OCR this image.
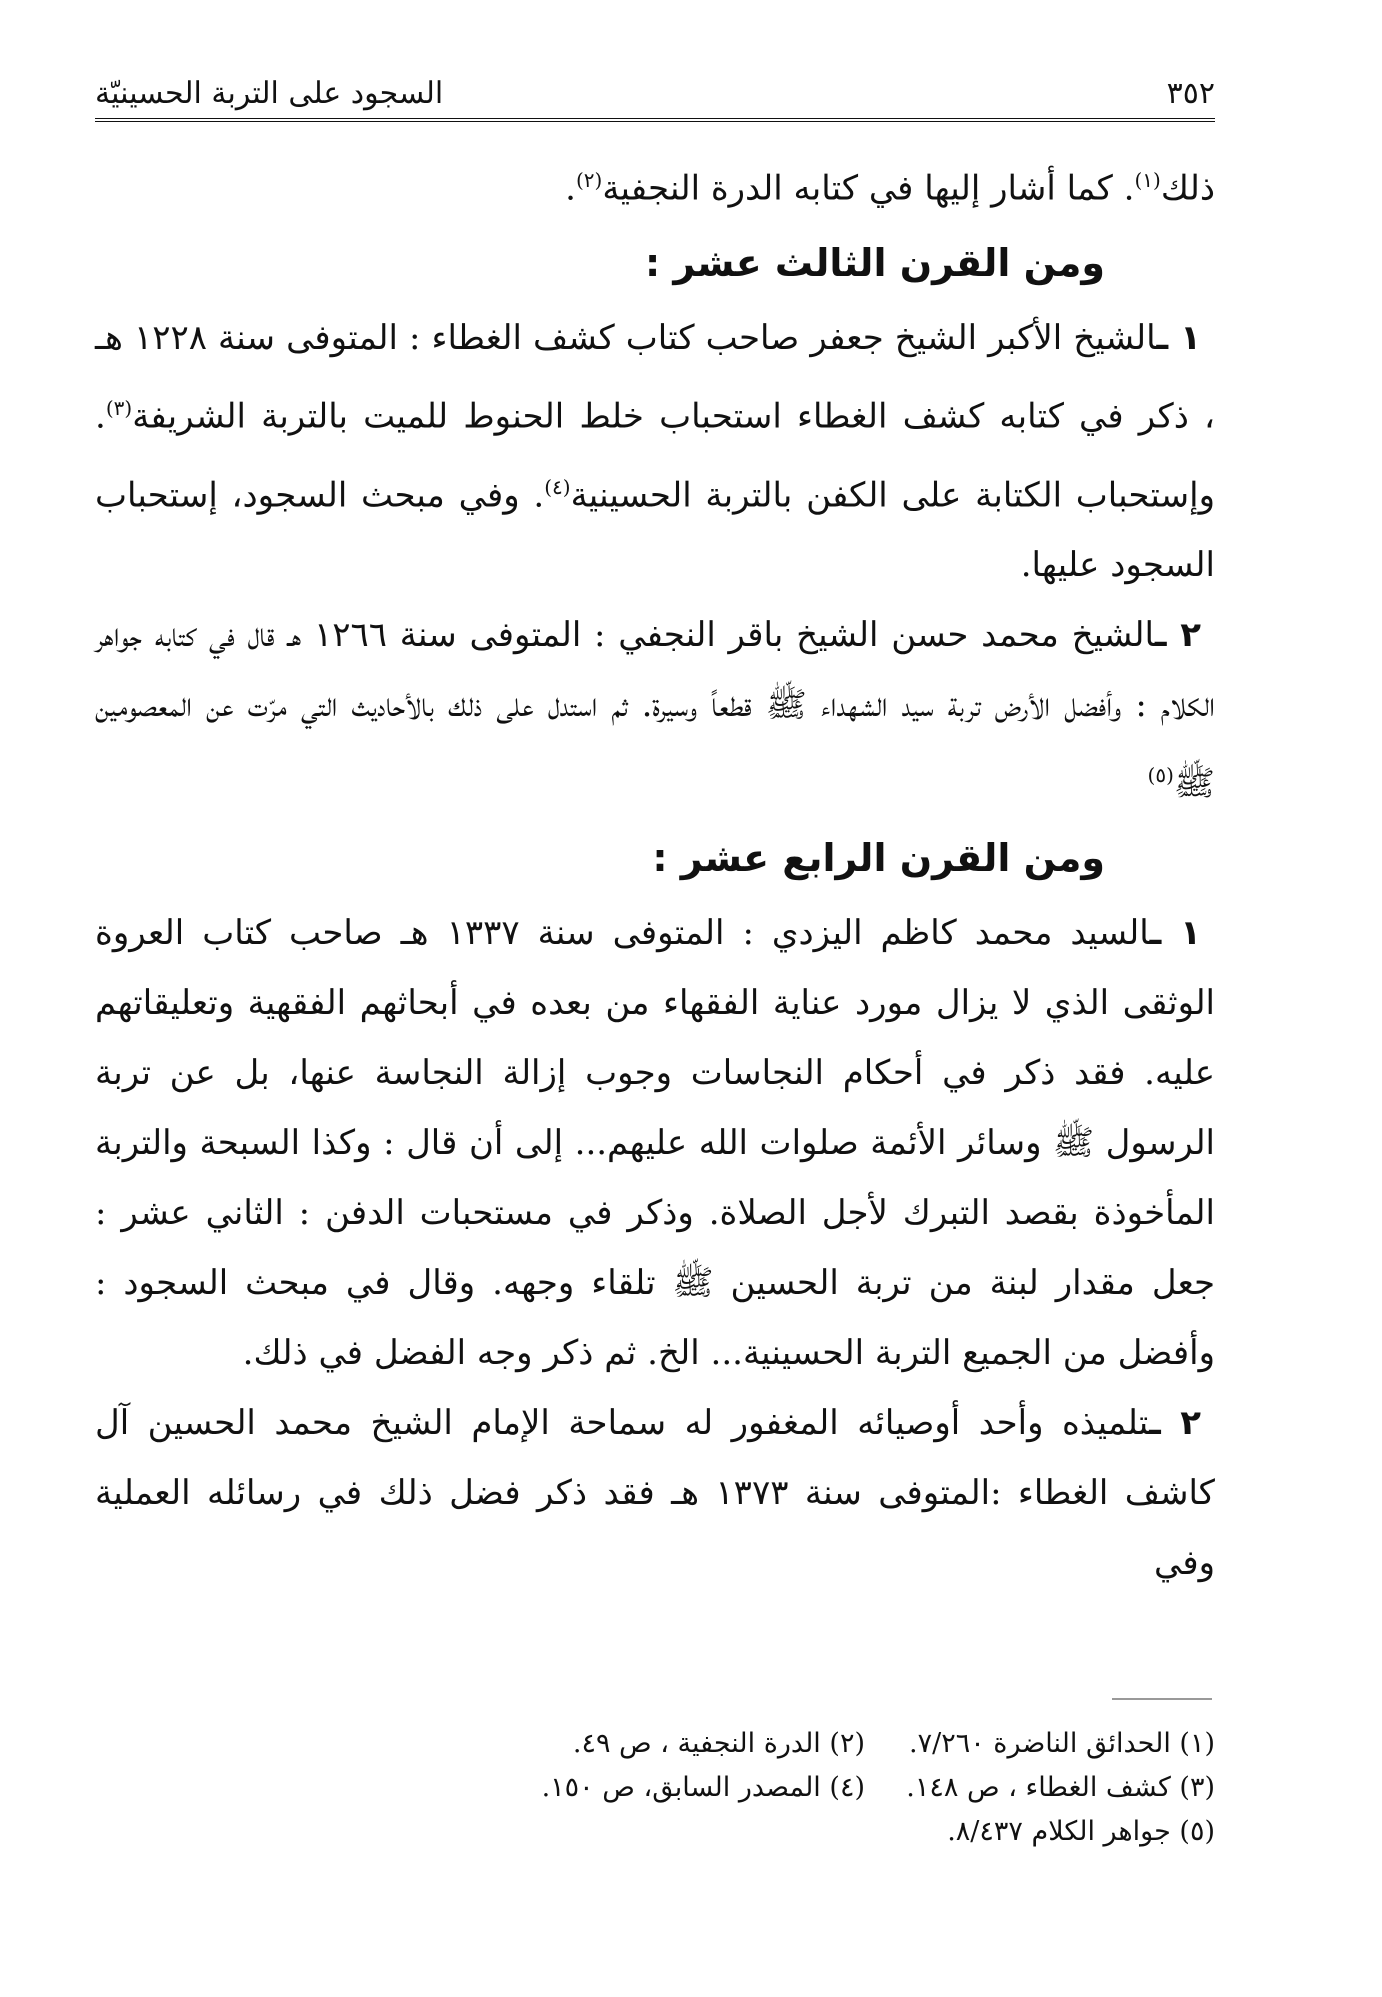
٣٥٢
السجود على التربة الحسينيّة

ذلك$^{(١)}$. كما أشار إليها في كتابه الدرة النجفية$^{(٢)}$.

ومن القرن الثالث عشر :

١ ـالشيخ الأكبر الشيخ جعفر صاحب كتاب كشف الغطاء : المتوفى سنة ١٢٢٨ هـ ، ذكر في كتابه كشف الغطاء استحباب خلط الحنوط للميت بالتربة الشريفة$^{(٣)}$. وإستحباب الكتابة على الكفن بالتربة الحسينية$^{(٤)}$. وفي مبحث السجود، إستحباب السجود عليها.

٢ ـالشيخ محمد حسن الشيخ باقر النجفي : المتوفى سنة ١٢٦٦ هـ قال في كتابه جواهر الكلام : وأفضل الأرض تربة سيد الشهداء ﷺ قطعاً وسيرة. ثم استدل على ذلك بالأحاديث التي مرّت عن المعصومين ﷺ$^{(٥)}$

ومن القرن الرابع عشر :

١ ـالسيد محمد كاظم اليزدي : المتوفى سنة ١٣٣٧ هـ صاحب كتاب العروة الوثقى الذي لا يزال مورد عناية الفقهاء من بعده في أبحاثهم الفقهية وتعليقاتهم عليه. فقد ذكر في أحكام النجاسات وجوب إزالة النجاسة عنها، بل عن تربة الرسول ﷺ وسائر الأئمة صلوات الله عليهم... إلى أن قال : وكذا السبحة والتربة المأخوذة بقصد التبرك لأجل الصلاة. وذكر في مستحبات الدفن : الثاني عشر : جعل مقدار لبنة من تربة الحسين ﷺ تلقاء وجهه. وقال في مبحث السجود : وأفضل من الجميع التربة الحسينية... الخ. ثم ذكر وجه الفضل في ذلك.

٢ ـتلميذه وأحد أوصيائه المغفور له سماحة الإمام الشيخ محمد الحسين آل كاشف الغطاء :المتوفى سنة ١٣٧٣ هـ فقد ذكر فضل ذلك في رسائله العملية وفي

(١) الحدائق الناضرة ٧/٢٦٠.
(٢) الدرة النجفية ، ص ٤٩.
(٣) كشف الغطاء ، ص ١٤٨.
(٤) المصدر السابق، ص ١٥٠.
(٥) جواهر الكلام ٨/٤٣٧.
